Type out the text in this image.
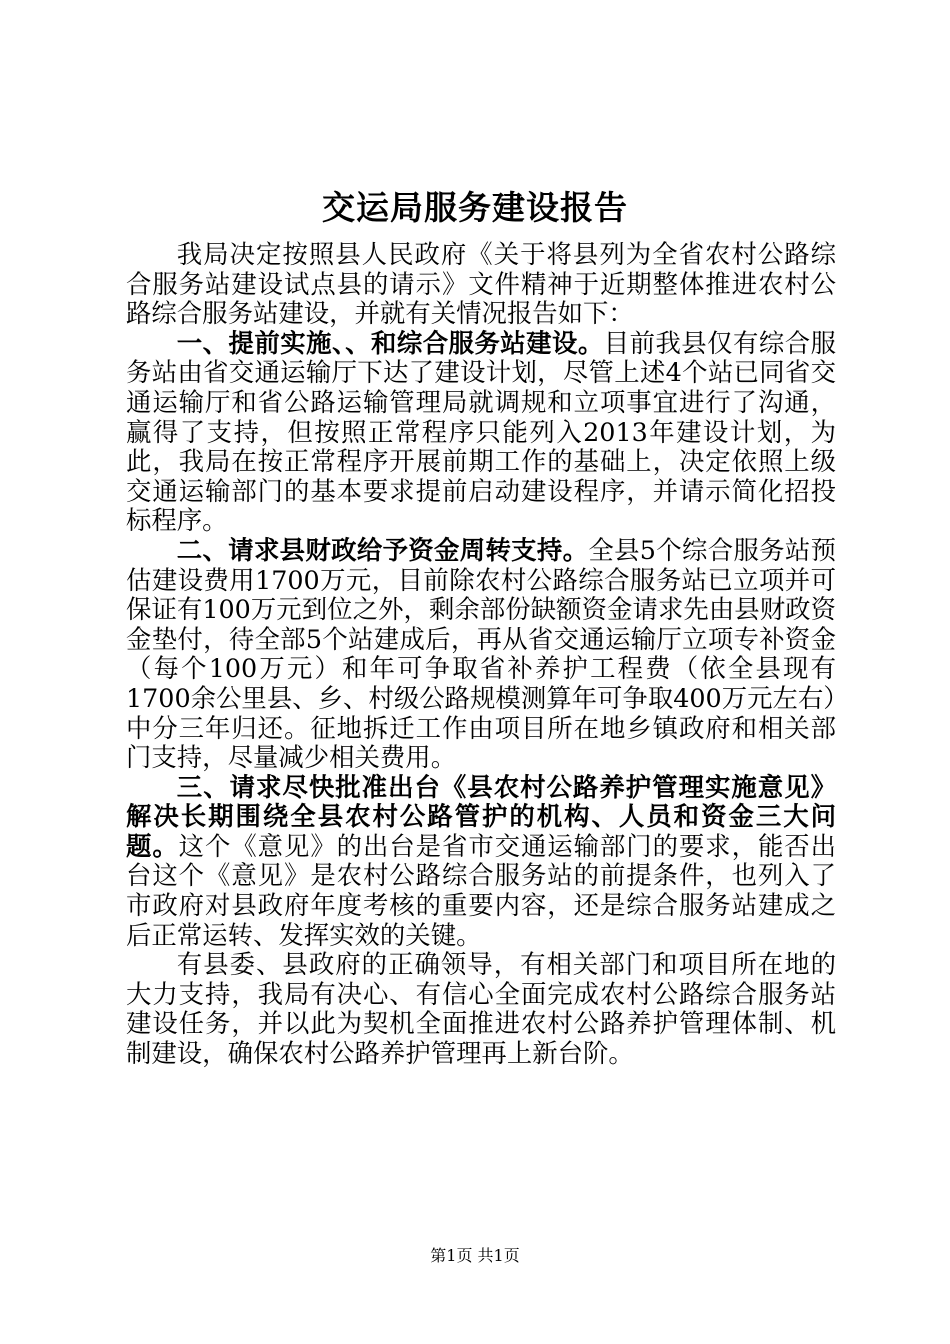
交运局服务建设报告

我局决定按照县人民政府《关于将县列为全省农村公路综合服务站建设试点县的请示》文件精神于近期整体推进农村公路综合服务站建设，并就有关情况报告如下：

一、提前实施、、和综合服务站建设。目前我县仅有综合服务站由省交通运输厅下达了建设计划，尽管上述4个站已同省交通运输厅和省公路运输管理局就调规和立项事宜进行了沟通，赢得了支持，但按照正常程序只能列入2013年建设计划，为此，我局在按正常程序开展前期工作的基础上，决定依照上级交通运输部门的基本要求提前启动建设程序，并请示简化招投标程序。

二、请求县财政给予资金周转支持。全县5个综合服务站预估建设费用1700万元，目前除农村公路综合服务站已立项并可保证有100万元到位之外，剩余部份缺额资金请求先由县财政资金垫付，待全部5个站建成后，再从省交通运输厅立项专补资金（每个100万元）和年可争取省补养护工程费（依全县现有1700余公里县、乡、村级公路规模测算年可争取400万元左右）中分三年归还。征地拆迁工作由项目所在地乡镇政府和相关部门支持，尽量减少相关费用。

三、请求尽快批准出台《县农村公路养护管理实施意见》解决长期围绕全县农村公路管护的机构、人员和资金三大问题。这个《意见》的出台是省市交通运输部门的要求，能否出台这个《意见》是农村公路综合服务站的前提条件，也列入了市政府对县政府年度考核的重要内容，还是综合服务站建成之后正常运转、发挥实效的关键。

有县委、县政府的正确领导，有相关部门和项目所在地的大力支持，我局有决心、有信心全面完成农村公路综合服务站建设任务，并以此为契机全面推进农村公路养护管理体制、机制建设，确保农村公路养护管理再上新台阶。

第1页 共1页
